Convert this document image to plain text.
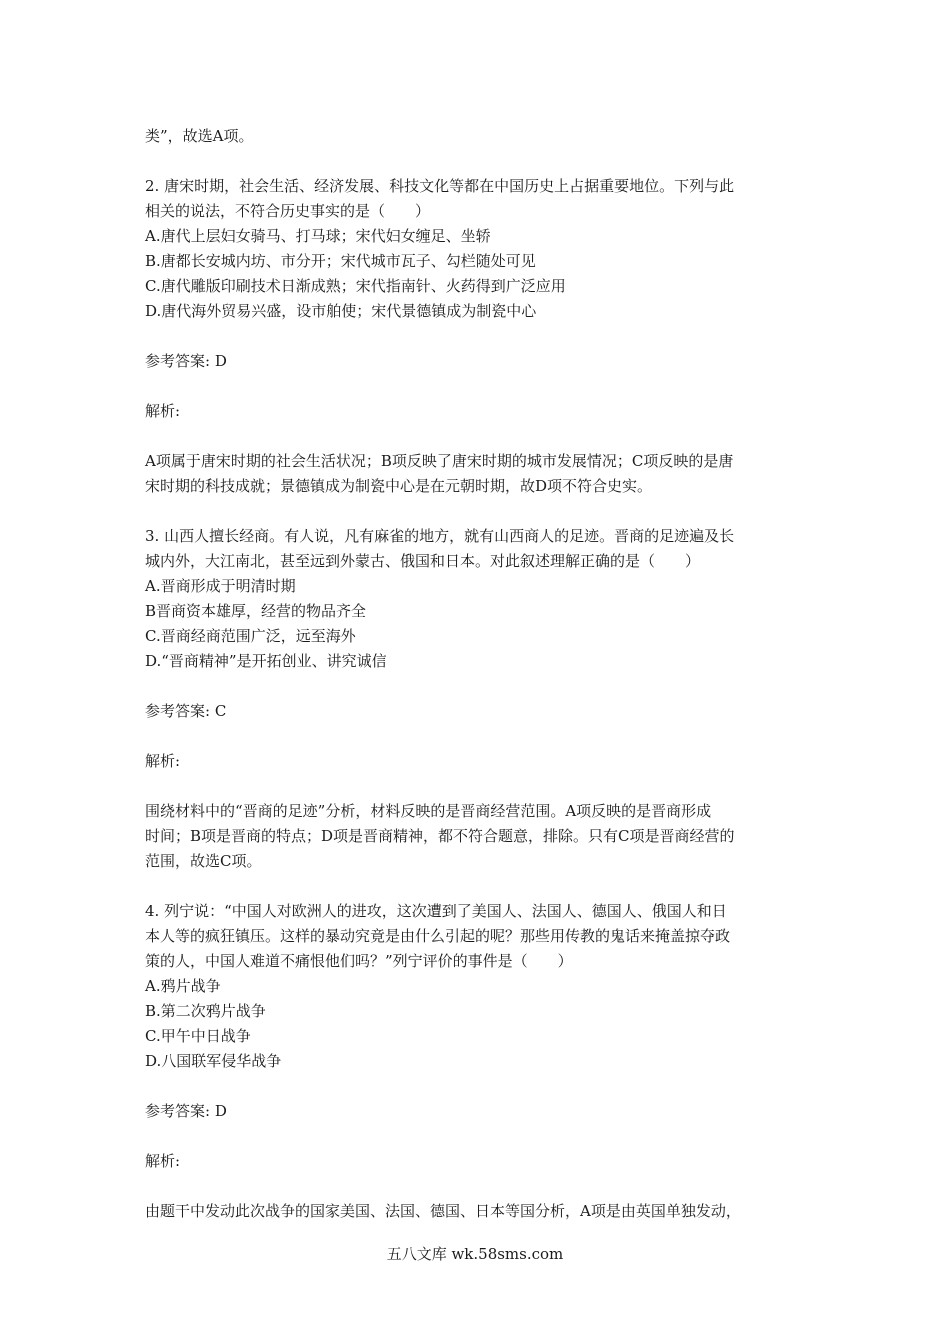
类”，故选A项。
2. 唐宋时期，社会生活、经济发展、科技文化等都在中国历史上占据重要地位。下列与此
相关的说法，不符合历史事实的是（　　）
A.唐代上层妇女骑马、打马球；宋代妇女缠足、坐轿
B.唐都长安城内坊、市分开；宋代城市瓦子、勾栏随处可见
C.唐代雕版印刷技术日渐成熟；宋代指南针、火药得到广泛应用
D.唐代海外贸易兴盛，设市舶使；宋代景德镇成为制瓷中心
参考答案: D
解析:
A项属于唐宋时期的社会生活状况；B项反映了唐宋时期的城市发展情况；C项反映的是唐
宋时期的科技成就；景德镇成为制瓷中心是在元朝时期，故D项不符合史实。
3. 山西人擅长经商。有人说，凡有麻雀的地方，就有山西商人的足迹。晋商的足迹遍及长
城内外，大江南北，甚至远到外蒙古、俄国和日本。对此叙述理解正确的是（　　）
A.晋商形成于明清时期
B晋商资本雄厚，经营的物品齐全
C.晋商经商范围广泛，远至海外
D.“晋商精神”是开拓创业、讲究诚信
参考答案: C
解析:
围绕材料中的“晋商的足迹”分析，材料反映的是晋商经营范围。A项反映的是晋商形成
时间；B项是晋商的特点；D项是晋商精神，都不符合题意，排除。只有C项是晋商经营的
范围，故选C项。
4. 列宁说：“中国人对欧洲人的进攻，这次遭到了美国人、法国人、德国人、俄国人和日
本人等的疯狂镇压。这样的暴动究竟是由什么引起的呢？那些用传教的鬼话来掩盖掠夺政
策的人，中国人难道不痛恨他们吗？”列宁评价的事件是（　　）
A.鸦片战争
B.第二次鸦片战争
C.甲午中日战争
D.八国联军侵华战争
参考答案: D
解析:
由题干中发动此次战争的国家美国、法国、德国、日本等国分析，A项是由英国单独发动，
五八文库 wk.58sms.com
